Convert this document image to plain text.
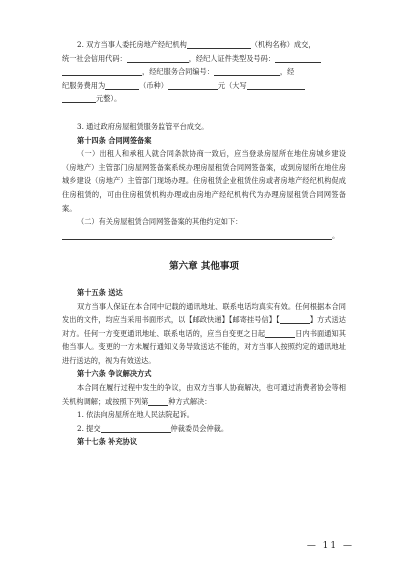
2. 双方当事人委托房地产经纪机构	（机构名称）成交，

统一社会信用代码：	，经纪人证件类型及号码：

，经纪服务合同编号：	，经

纪服务费用为	（币种）	元（大写

元整）。

3. 通过政府房屋租赁服务监管平台成交。

第十四条 合同网签备案

（一）出租人和承租人就合同条款协商一致后，应当登录房屋所在地住房城乡建设（房地产）主管部门房屋网签备案系统办理房屋租赁合同网签备案，或到房屋所在地住房城乡建设（房地产）主管部门现场办理。住房租赁企业租赁住房或者房地产经纪机构促成住房租赁的，可由住房租赁机构办理或由房地产经纪机构代为办理房屋租赁合同网签备案。

（二）有关房屋租赁合同网签备案的其他约定如下：

。

第六章 其他事项

第十五条 送达

双方当事人保证在本合同中记载的通讯地址、联系电话均真实有效。任何根据本合同发出的文件，均应当采用书面形式，以【邮政快递】【邮寄挂号信】【	】方式送达对方。任何一方变更通讯地址、联系电话的，应当自变更之日起	日内书面通知其他当事人。变更的一方未履行通知义务导致送达不能的，对方当事人按照约定的通讯地址进行送达的，视为有效送达。

第十六条 争议解决方式

本合同在履行过程中发生的争议，由双方当事人协商解决，也可通过消费者协会等相关机构调解；或按照下列第	种方式解决：

1. 依法向房屋所在地人民法院起诉。

2. 提交	仲裁委员会仲裁。

第十七条 补充协议

— 11 —
